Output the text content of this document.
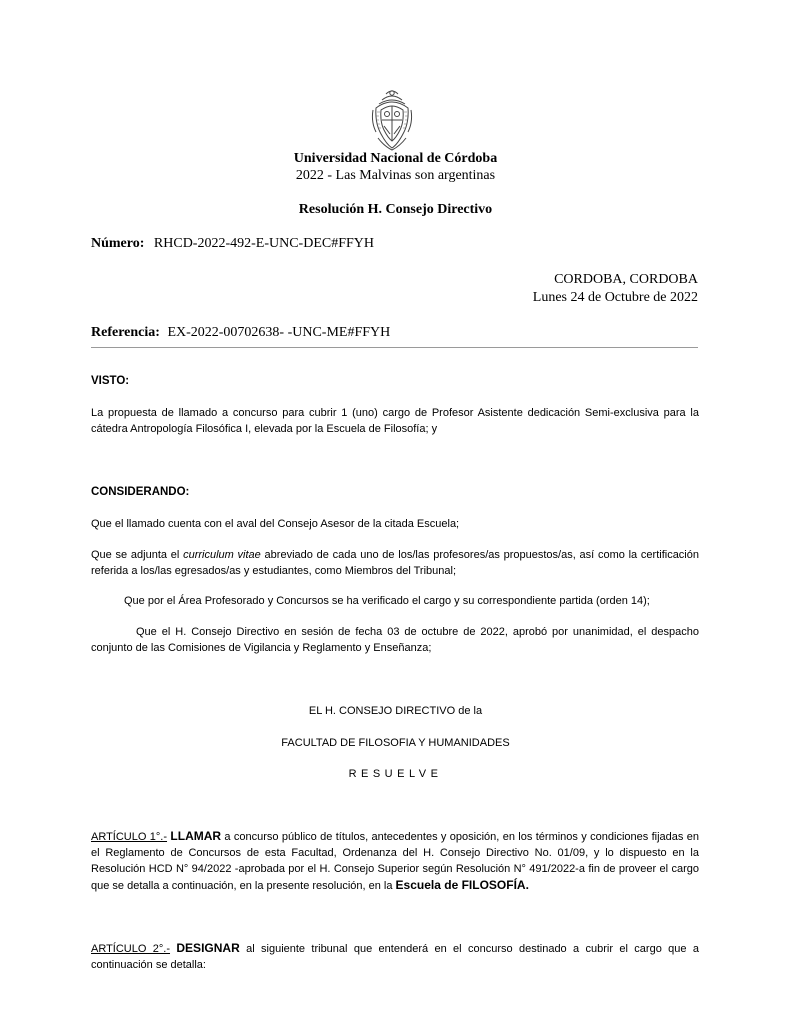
Universidad Nacional de Córdoba
2022 - Las Malvinas son argentinas
Resolución H. Consejo Directivo
Número: RHCD-2022-492-E-UNC-DEC#FFYH
CORDOBA, CORDOBA
Lunes 24 de Octubre de 2022
Referencia: EX-2022-00702638- -UNC-ME#FFYH
VISTO:
La propuesta de llamado a concurso para cubrir 1 (uno) cargo de Profesor Asistente dedicación Semi-exclusiva para la cátedra Antropología Filosófica I, elevada por la Escuela de Filosofía; y
CONSIDERANDO:
Que el llamado cuenta con el aval del Consejo Asesor de la citada Escuela;
Que se adjunta el curriculum vitae abreviado de cada uno de los/las profesores/as propuestos/as, así como la certificación referida a los/las egresados/as y estudiantes, como Miembros del Tribunal;
Que por el Área Profesorado y Concursos se ha verificado el cargo y su correspondiente partida (orden 14);
Que el H. Consejo Directivo en sesión de fecha 03 de octubre de 2022, aprobó por unanimidad, el despacho conjunto de las Comisiones de Vigilancia y Reglamento y Enseñanza;
EL H. CONSEJO DIRECTIVO de la
FACULTAD DE FILOSOFIA Y HUMANIDADES
RESUELVE
ARTÍCULO 1°.- LLAMAR a concurso público de títulos, antecedentes y oposición, en los términos y condiciones fijadas en el Reglamento de Concursos de esta Facultad, Ordenanza del H. Consejo Directivo No. 01/09, y lo dispuesto en la Resolución HCD N° 94/2022 -aprobada por el H. Consejo Superior según Resolución N° 491/2022-a fin de proveer el cargo que se detalla a continuación, en la presente resolución, en la Escuela de FILOSOFÍA.
ARTÍCULO 2°.- DESIGNAR al siguiente tribunal que entenderá en el concurso destinado a cubrir el cargo que a continuación se detalla:
